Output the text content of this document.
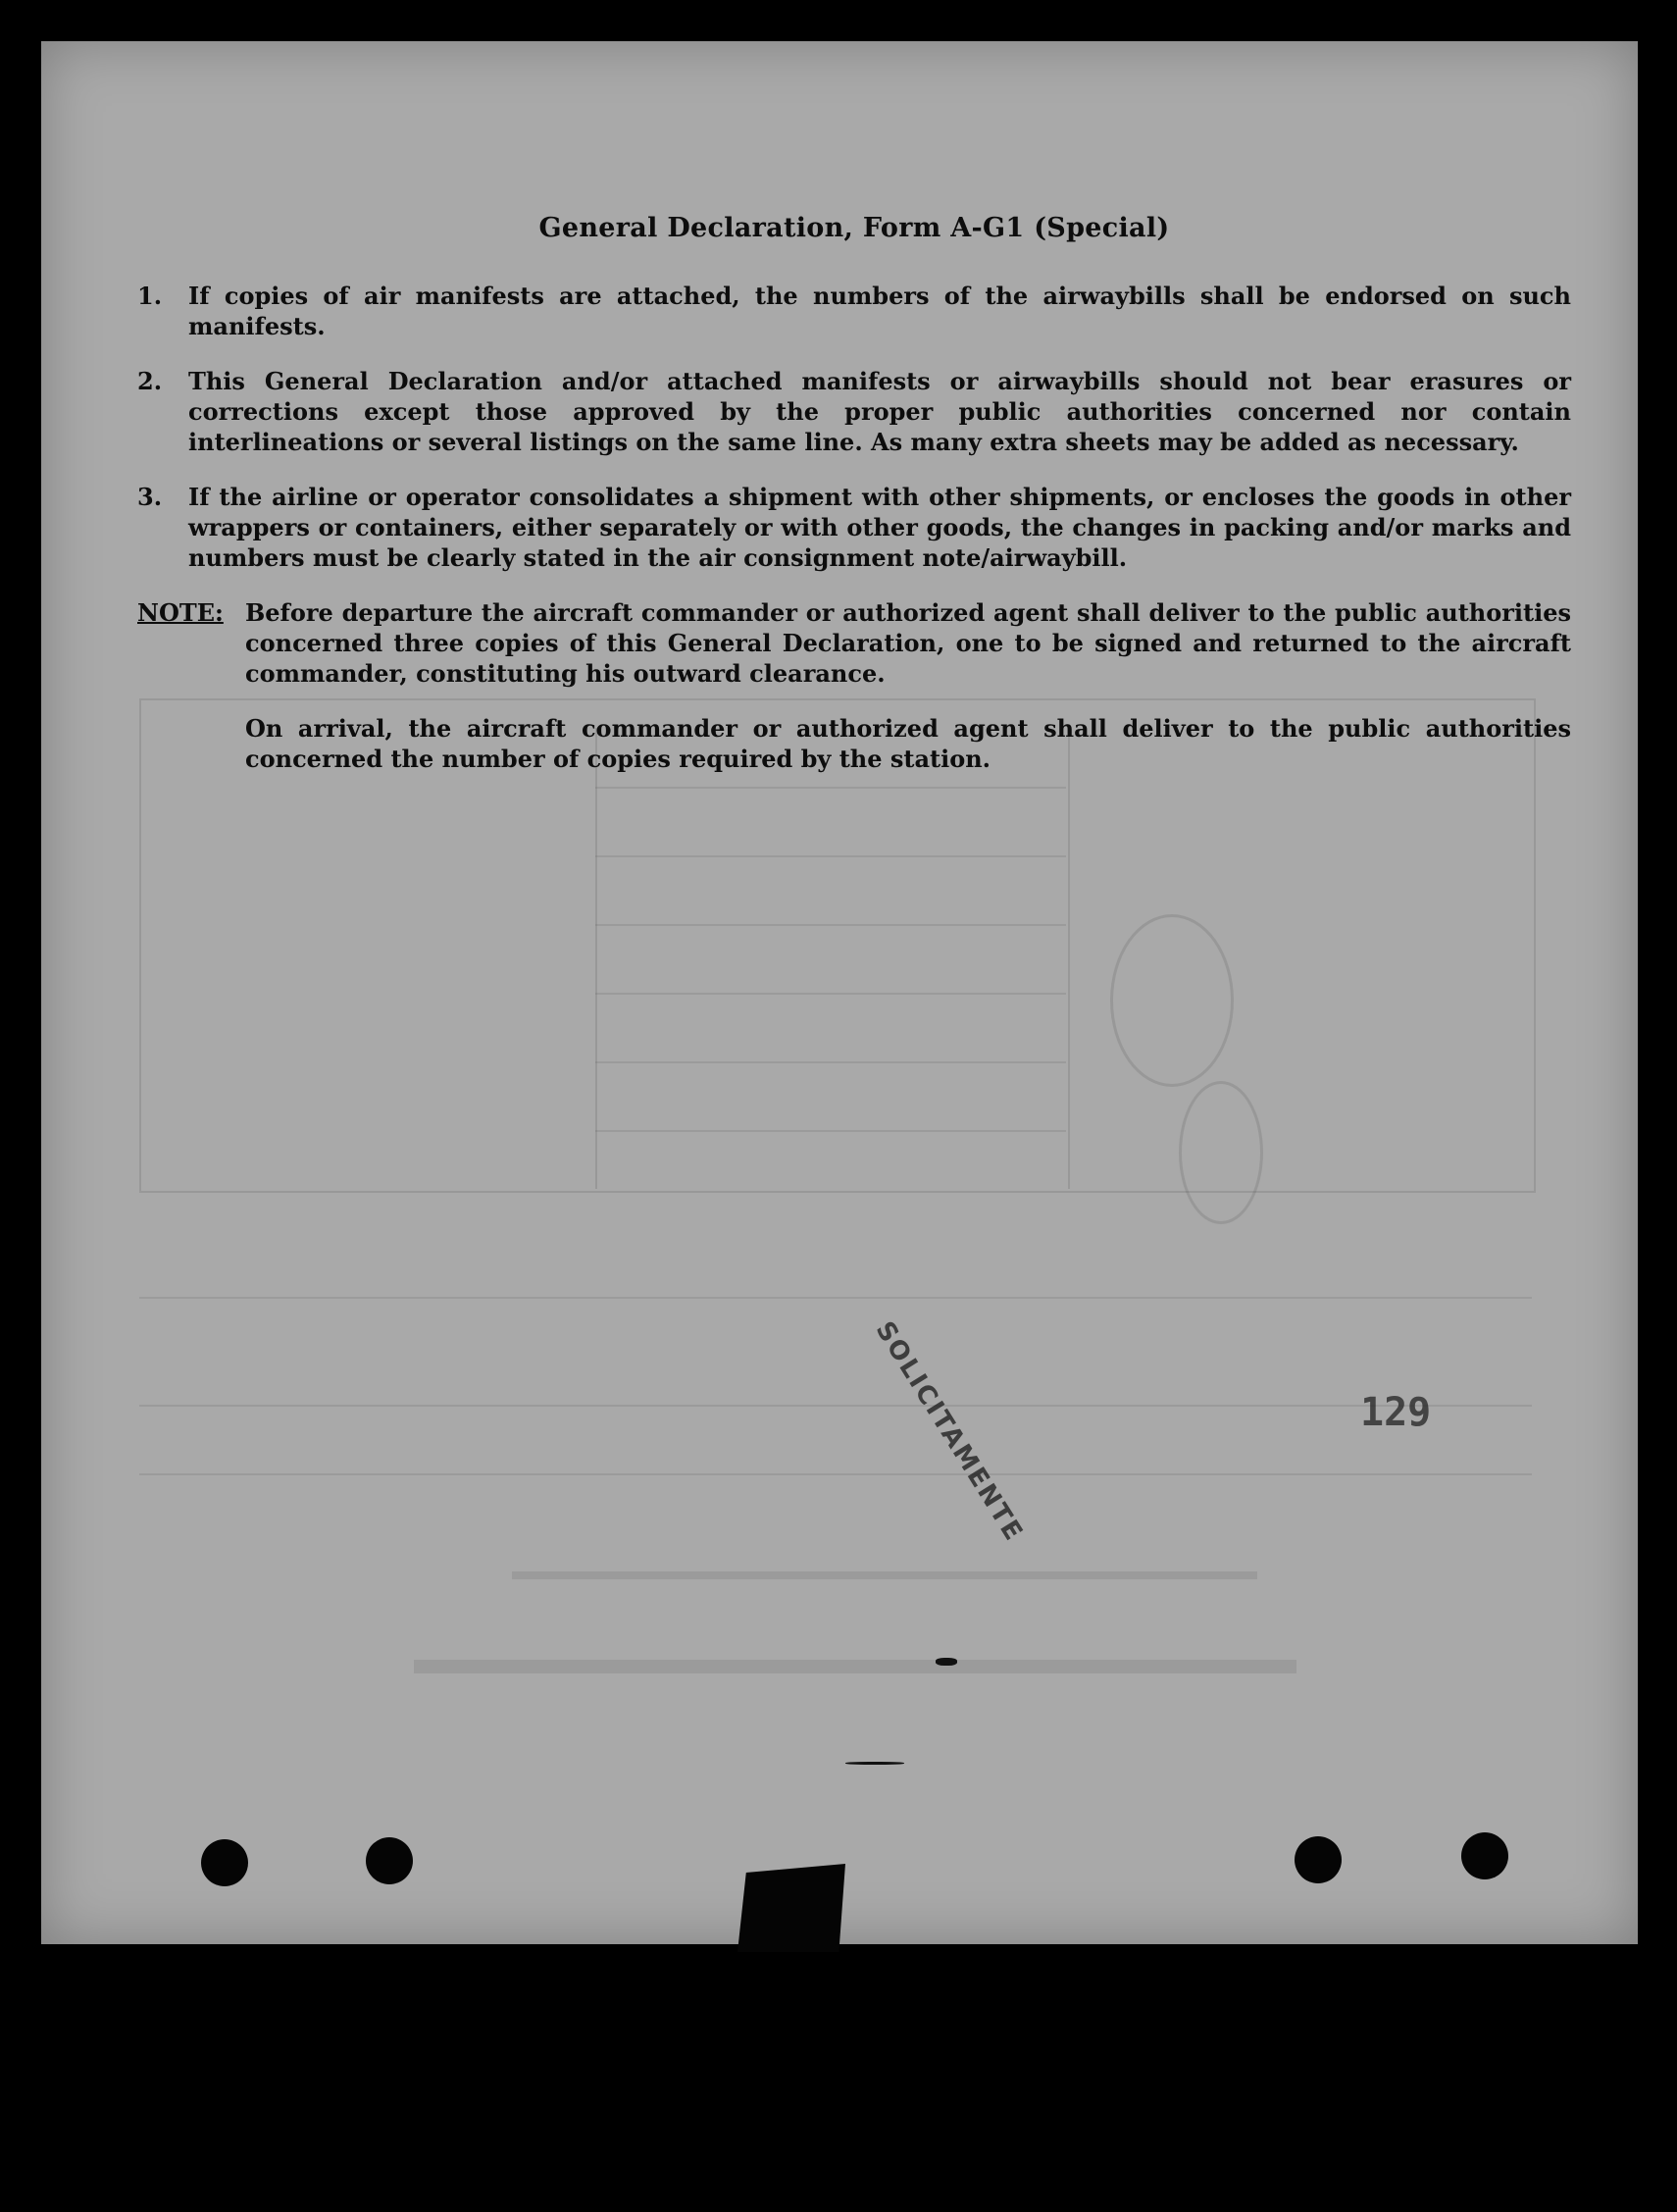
General Declaration, Form A-G1 (Special)
1.	If copies of air manifests are attached, the numbers of the airwaybills shall be endorsed on such manifests.
2.	This General Declaration and/or attached manifests or airwaybills should not bear erasures or corrections except those approved by the proper public authorities concerned nor contain interlineations or several listings on the same line. As many extra sheets may be added as necessary.
3.	If the airline or operator consolidates a shipment with other shipments, or encloses the goods in other wrappers or containers, either separately or with other goods, the changes in packing and/or marks and numbers must be clearly stated in the air consignment note/airwaybill.
NOTE: Before departure the aircraft commander or authorized agent shall deliver to the public authorities concerned three copies of this General Declaration, one to be signed and returned to the aircraft commander, constituting his outward clearance.
On arrival, the aircraft commander or authorized agent shall deliver to the public authorities concerned the number of copies required by the station.
SOLICITAMENTE	129
